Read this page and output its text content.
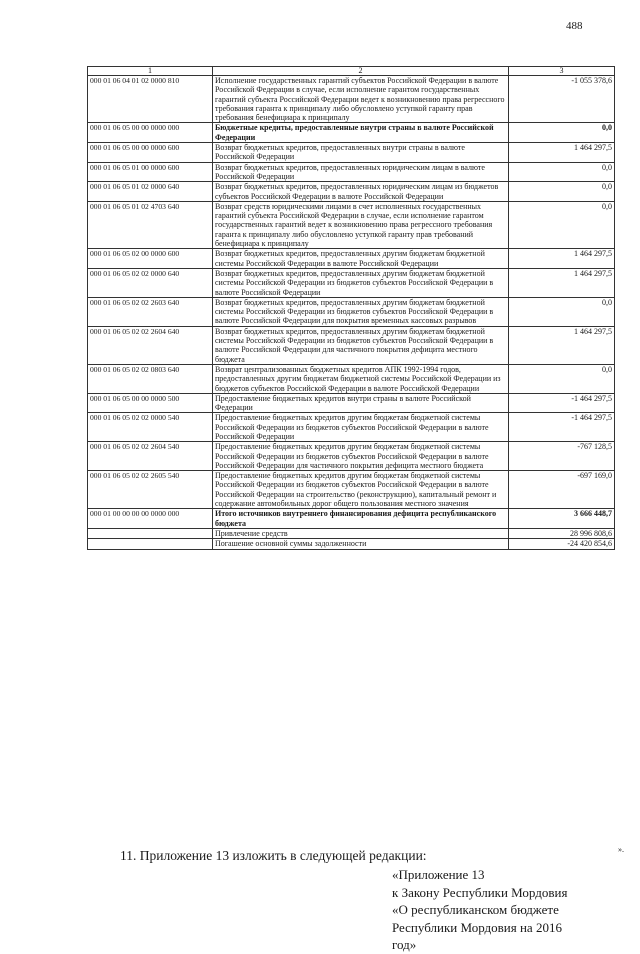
488
1	2	3
000 01 06 04 01 02 0000 810	Исполнение государственных гарантий субъектов Российской Федерации в валюте Российской Федерации в случае, если исполнение гарантом государственных гарантий субъекта Российской Федерации ведет к возникновению права регрессного требования гаранта к принципалу либо обусловлено уступкой гаранту прав требования бенефициара к принципалу	-1 055 378,6
000 01 06 05 00 00 0000 000	Бюджетные кредиты, предоставленные внутри страны в валюте Российской Федерации	0,0
000 01 06 05 00 00 0000 600	Возврат бюджетных кредитов, предоставленных внутри страны в валюте Российской Федерации	1 464 297,5
000 01 06 05 01 00 0000 600	Возврат бюджетных кредитов, предоставленных юридическим лицам в валюте Российской Федерации	0,0
000 01 06 05 01 02 0000 640	Возврат бюджетных кредитов, предоставленных юридическим лицам из бюджетов субъектов Российской Федерации в валюте Российской Федерации	0,0
000 01 06 05 01 02 4703 640	Возврат средств юридическими лицами в счет исполненных государственных гарантий субъекта Российской Федерации в случае, если исполнение гарантом государственных гарантий ведет к возникновению права регрессного требования гаранта к принципалу либо обусловлено уступкой гаранту прав требований бенефициара к принципалу	0,0
000 01 06 05 02 00 0000 600	Возврат бюджетных кредитов, предоставленных другим бюджетам бюджетной системы Российской Федерации в валюте Российской Федерации	1 464 297,5
000 01 06 05 02 02 0000 640	Возврат бюджетных кредитов, предоставленных другим бюджетам бюджетной системы Российской Федерации из бюджетов субъектов Российской Федерации в валюте Российской Федерации	1 464 297,5
000 01 06 05 02 02 2603 640	Возврат бюджетных кредитов, предоставленных другим бюджетам бюджетной системы Российской Федерации из бюджетов субъектов Российской Федерации в валюте Российской Федерации для покрытия временных кассовых разрывов	0,0
000 01 06 05 02 02 2604 640	Возврат бюджетных кредитов, предоставленных другим бюджетам бюджетной системы Российской Федерации из бюджетов субъектов Российской Федерации в валюте Российской Федерации для частичного покрытия дефицита местного бюджета	1 464 297,5
000 01 06 05 02 02 0803 640	Возврат централизованных бюджетных кредитов АПК 1992-1994 годов, предоставленных другим бюджетам бюджетной системы Российской Федерации из бюджетов субъектов Российской Федерации в валюте Российской Федерации	0,0
000 01 06 05 00 00 0000 500	Предоставление бюджетных кредитов внутри страны в валюте Российской Федерации	-1 464 297,5
000 01 06 05 02 02 0000 540	Предоставление бюджетных кредитов другим бюджетам бюджетной системы Российской Федерации из бюджетов субъектов Российской Федерации в валюте Российской Федерации	-1 464 297,5
000 01 06 05 02 02 2604 540	Предоставление бюджетных кредитов другим бюджетам бюджетной системы Российской Федерации из бюджетов субъектов Российской Федерации в валюте Российской Федерации для частичного покрытия дефицита местного бюджета	-767 128,5
000 01 06 05 02 02 2605 540	Предоставление бюджетных кредитов другим бюджетам бюджетной системы Российской Федерации из бюджетов субъектов Российской Федерации в валюте Российской Федерации на строительство (реконструкцию), капитальный ремонт и содержание автомобильных дорог общего пользования местного значения	-697 169,0
000 01 00 00 00 00 0000 000	Итого источников внутреннего финансирования дефицита республиканского бюджета	3 666 448,7
	Привлечение средств	28 996 808,6
	Погашение основной суммы задолженности	-24 420 854,6
».
11. Приложение 13 изложить в следующей редакции:
«Приложение 13
к Закону Республики Мордовия
«О республиканском бюджете
Республики Мордовия на 2016
год»
